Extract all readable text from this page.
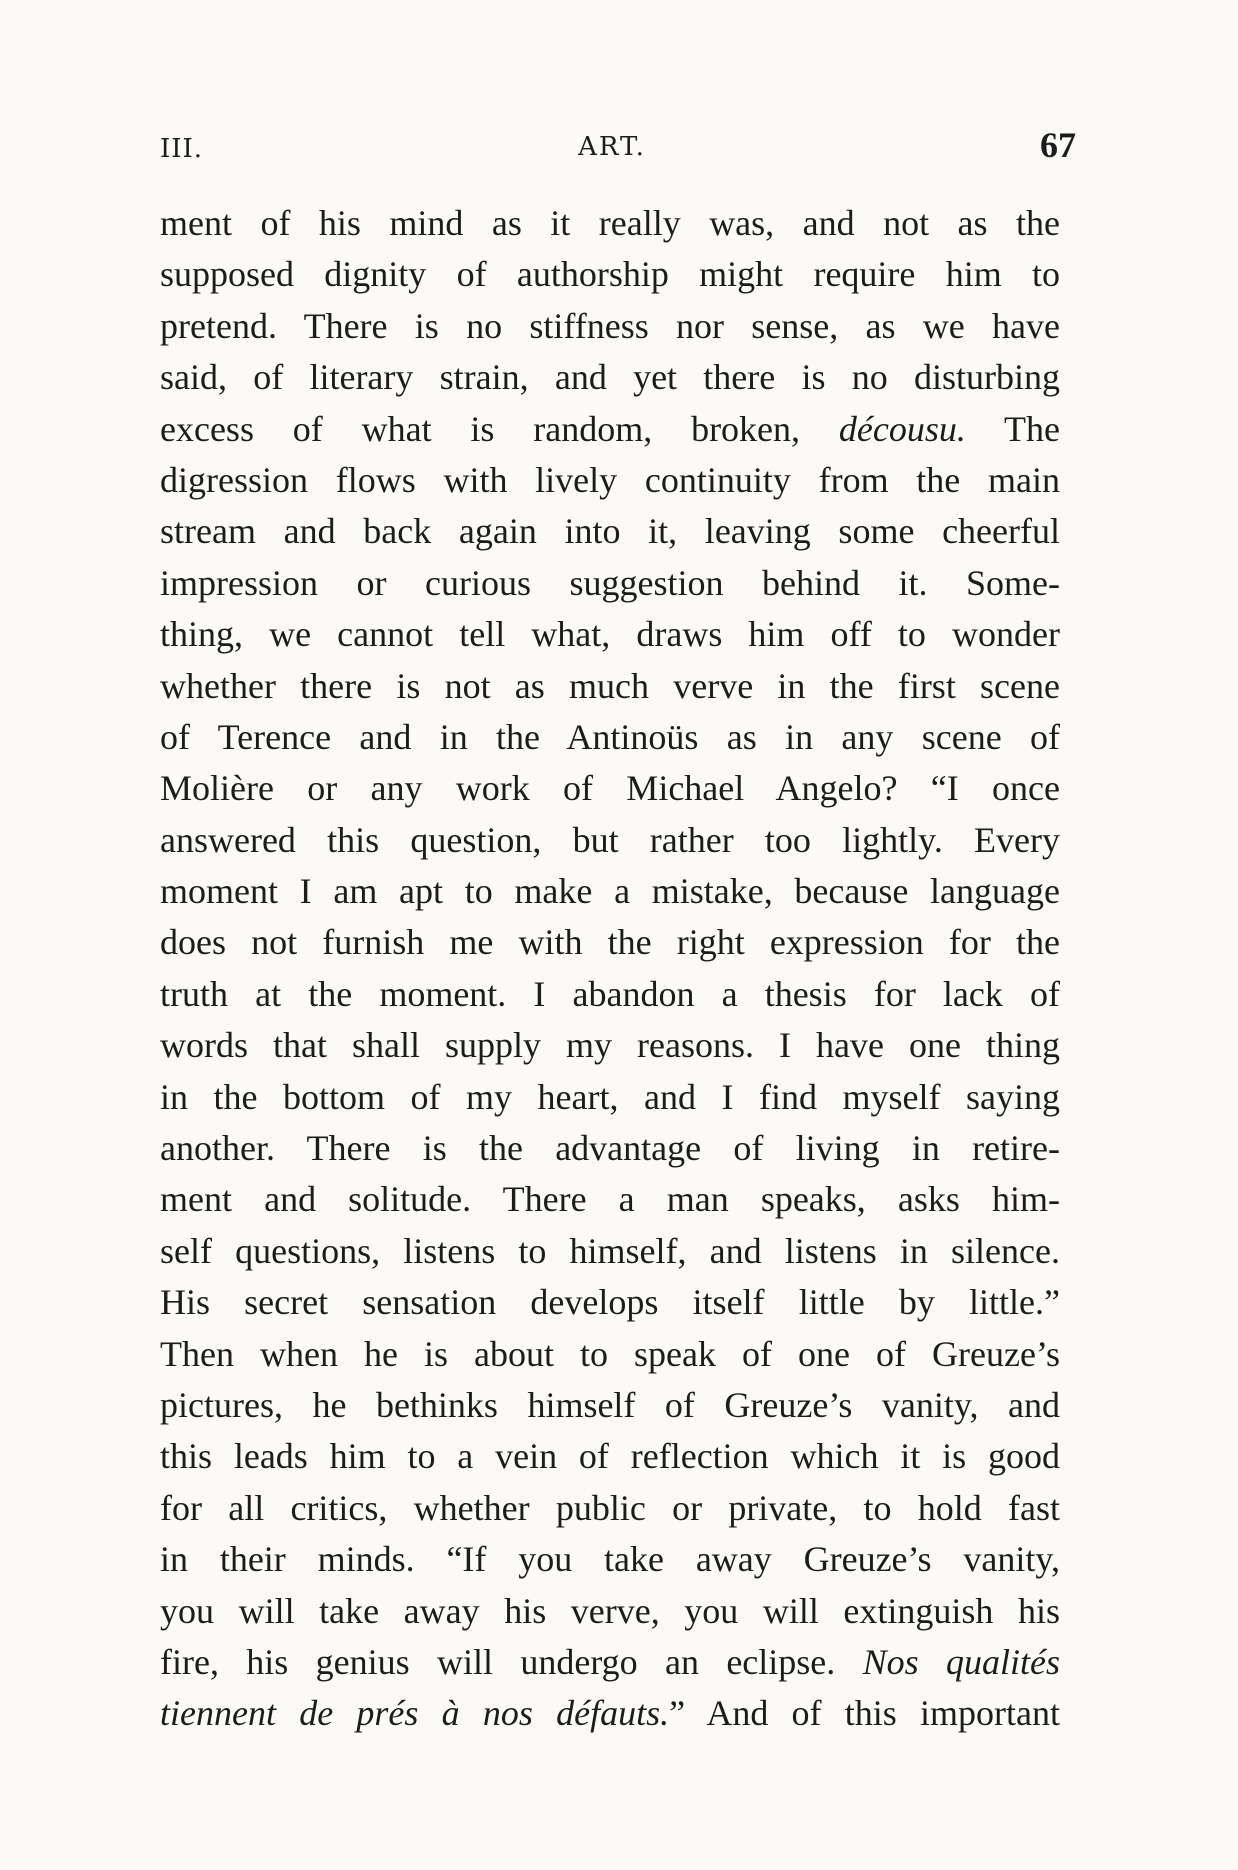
III.	ART.	67
ment of his mind as it really was, and not as the
supposed dignity of authorship might require him to
pretend. There is no stiffness nor sense, as we have
said, of literary strain, and yet there is no disturbing
excess of what is random, broken, décousu. The
digression flows with lively continuity from the main
stream and back again into it, leaving some cheerful
impression or curious suggestion behind it. Some-
thing, we cannot tell what, draws him off to wonder
whether there is not as much verve in the first scene
of Terence and in the Antinoüs as in any scene of
Molière or any work of Michael Angelo? “I once
answered this question, but rather too lightly. Every
moment I am apt to make a mistake, because language
does not furnish me with the right expression for the
truth at the moment. I abandon a thesis for lack of
words that shall supply my reasons. I have one thing
in the bottom of my heart, and I find myself saying
another. There is the advantage of living in retire-
ment and solitude. There a man speaks, asks him-
self questions, listens to himself, and listens in silence.
His secret sensation develops itself little by little.”
Then when he is about to speak of one of Greuze’s
pictures, he bethinks himself of Greuze’s vanity, and
this leads him to a vein of reflection which it is good
for all critics, whether public or private, to hold fast
in their minds. “If you take away Greuze’s vanity,
you will take away his verve, you will extinguish his
fire, his genius will undergo an eclipse. Nos qualités
tiennent de prés à nos défauts.” And of this important
